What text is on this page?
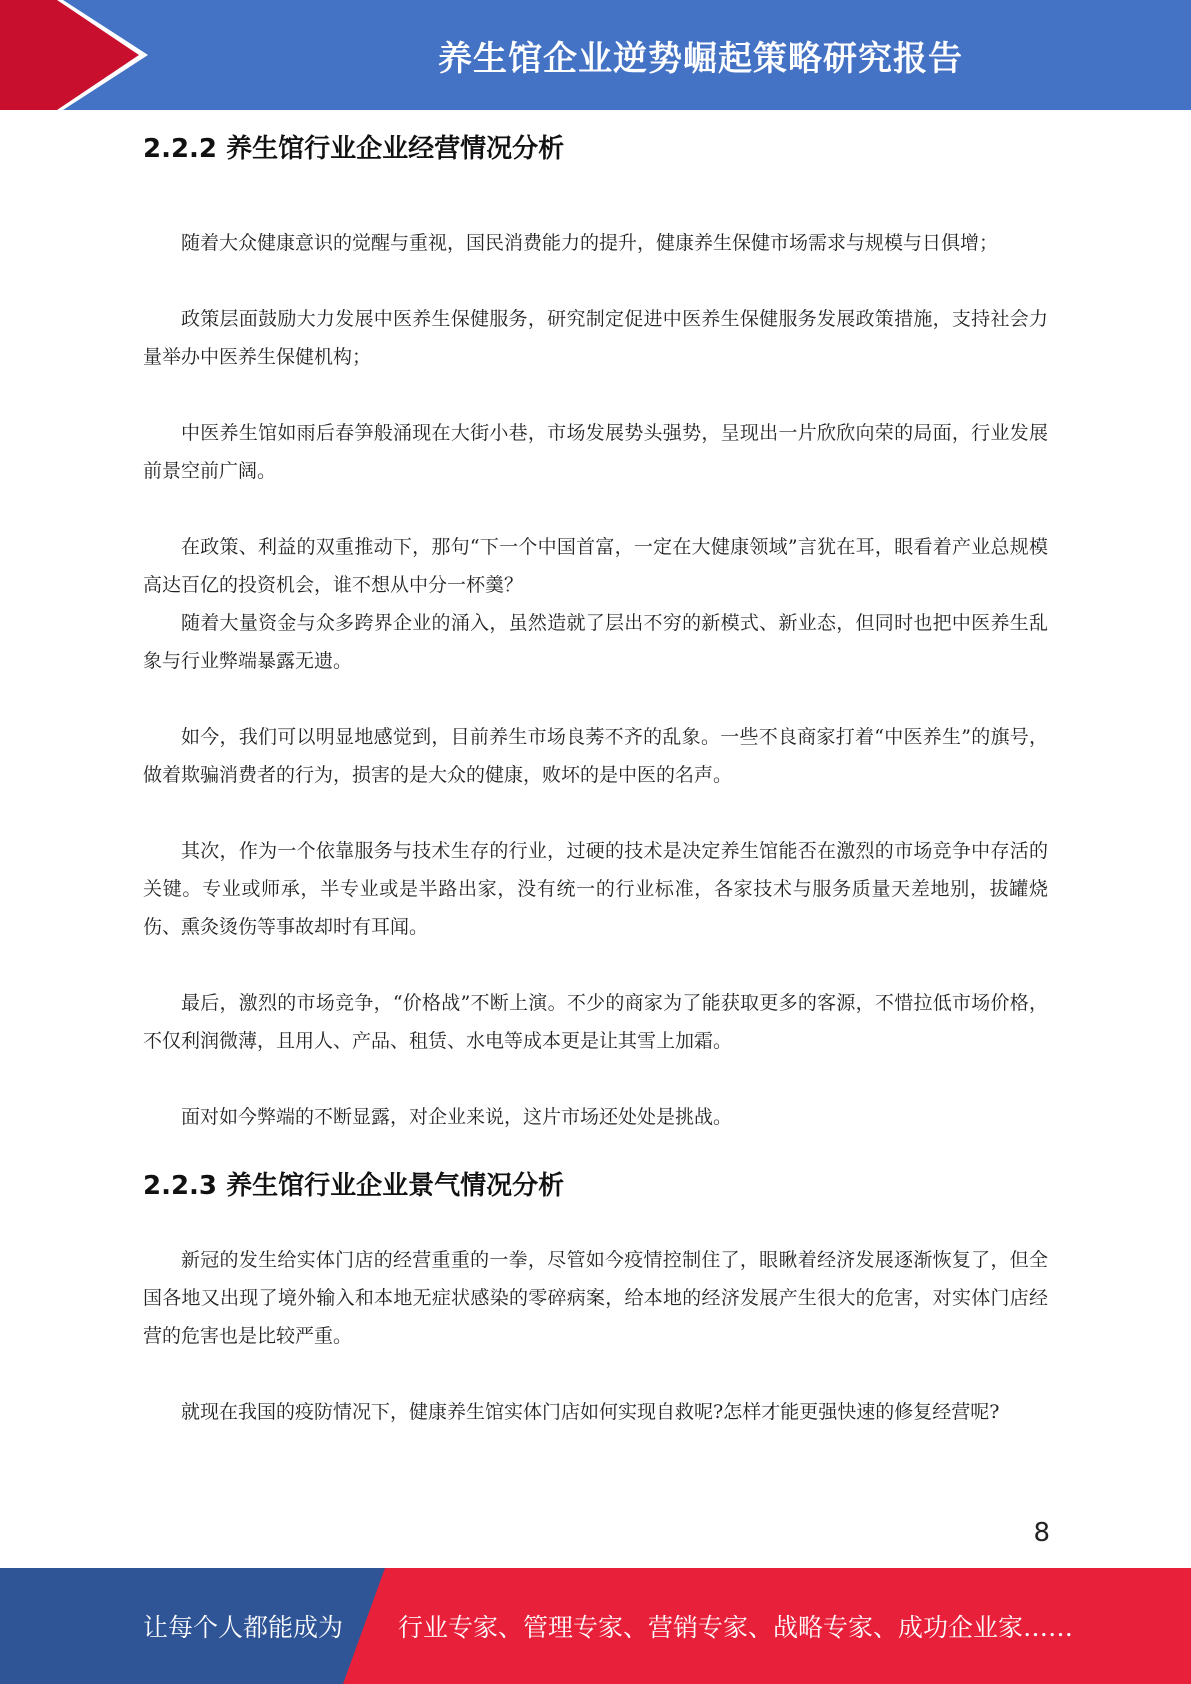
养生馆企业逆势崛起策略研究报告
2.2.2 养生馆行业企业经营情况分析

随着大众健康意识的觉醒与重视，国民消费能力的提升，健康养生保健市场需求与规模与日俱增；

政策层面鼓励大力发展中医养生保健服务，研究制定促进中医养生保健服务发展政策措施，支持社会力量举办中医养生保健机构；

中医养生馆如雨后春笋般涌现在大街小巷，市场发展势头强势，呈现出一片欣欣向荣的局面，行业发展前景空前广阔。

在政策、利益的双重推动下，那句“下一个中国首富，一定在大健康领域”言犹在耳，眼看着产业总规模高达百亿的投资机会，谁不想从中分一杯羹？

随着大量资金与众多跨界企业的涌入，虽然造就了层出不穷的新模式、新业态，但同时也把中医养生乱象与行业弊端暴露无遗。

如今，我们可以明显地感觉到，目前养生市场良莠不齐的乱象。一些不良商家打着“中医养生”的旗号，做着欺骗消费者的行为，损害的是大众的健康，败坏的是中医的名声。

其次，作为一个依靠服务与技术生存的行业，过硬的技术是决定养生馆能否在激烈的市场竞争中存活的关键。专业或师承，半专业或是半路出家，没有统一的行业标准，各家技术与服务质量天差地别，拔罐烧伤、熏灸烫伤等事故却时有耳闻。

最后，激烈的市场竞争，“价格战”不断上演。不少的商家为了能获取更多的客源，不惜拉低市场价格，不仅利润微薄，且用人、产品、租赁、水电等成本更是让其雪上加霜。

面对如今弊端的不断显露，对企业来说，这片市场还处处是挑战。

2.2.3 养生馆行业企业景气情况分析

新冠的发生给实体门店的经营重重的一拳，尽管如今疫情控制住了，眼瞅着经济发展逐渐恢复了，但全国各地又出现了境外输入和本地无症状感染的零碎病案，给本地的经济发展产生很大的危害，对实体门店经营的危害也是比较严重。

就现在我国的疫防情况下，健康养生馆实体门店如何实现自救呢?怎样才能更强快速的修复经营呢?

8
让每个人都能成为 行业专家、管理专家、营销专家、战略专家、成功企业家……
